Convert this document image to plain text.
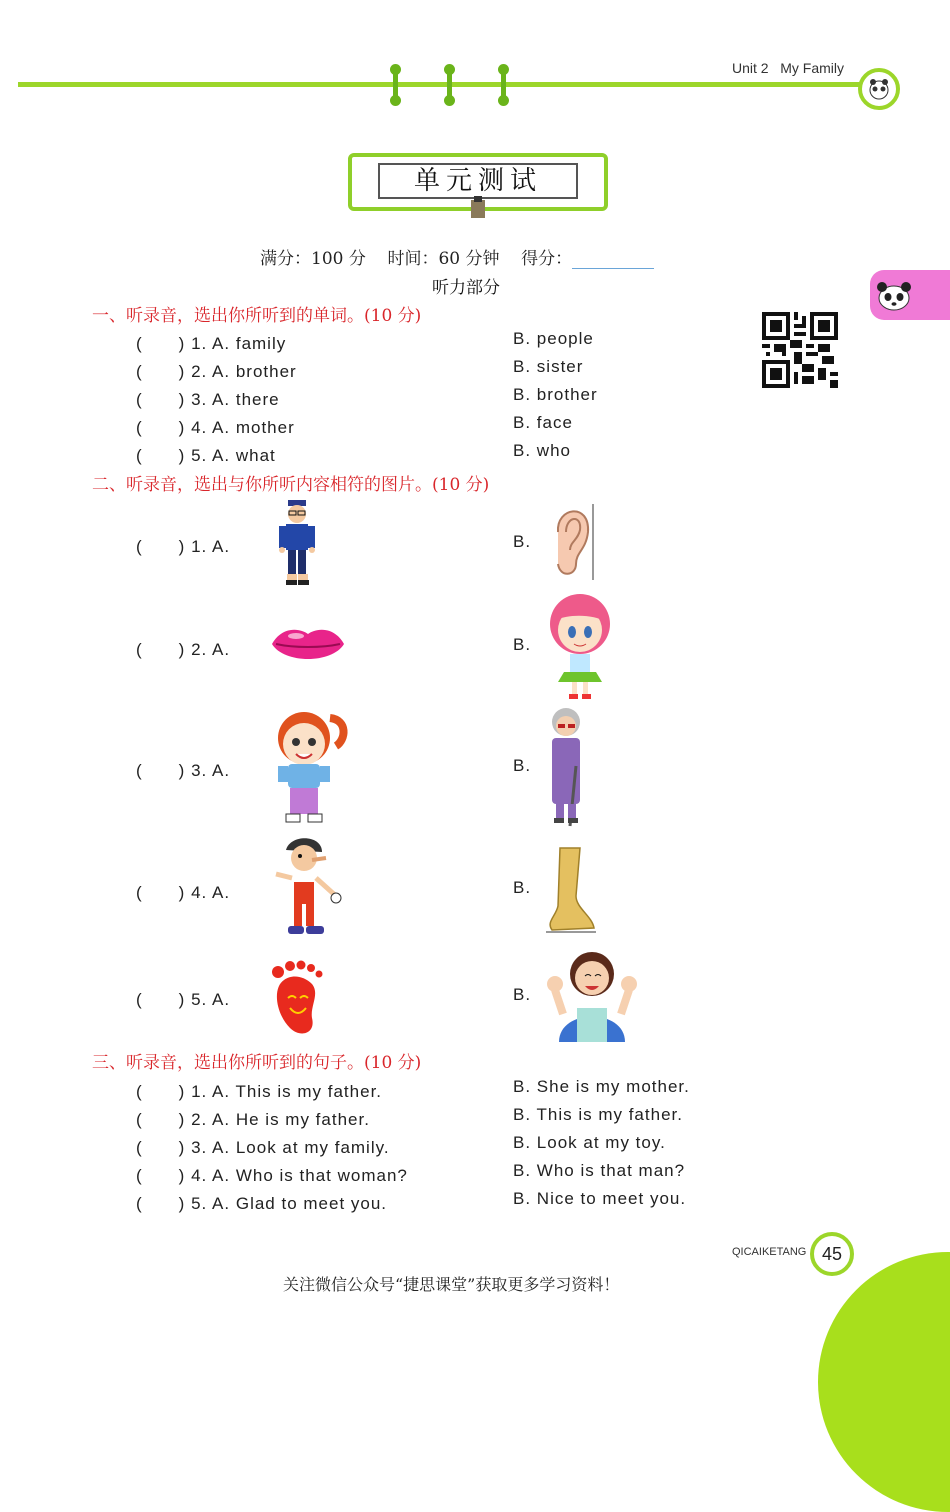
Unit 2 My Family
单元测试
满分：100 分 时间：60 分钟 得分：
听力部分
一、听录音，选出你所听到的单词。(10 分)
(　　) 1. A. family	B. people
(　　) 2. A. brother	B. sister
(　　) 3. A. there	B. brother
(　　) 4. A. mother	B. face
(　　) 5. A. what	B. who
二、听录音，选出与你所听内容相符的图片。(10 分)
(　　) 1. A.	B.
(　　) 2. A.	B.
(　　) 3. A.	B.
(　　) 4. A.	B.
(　　) 5. A.	B.
三、听录音，选出你所听到的句子。(10 分)
(　　) 1. A. This is my father.	B. She is my mother.
(　　) 2. A. He is my father.	B. This is my father.
(　　) 3. A. Look at my family.	B. Look at my toy.
(　　) 4. A. Who is that woman?	B. Who is that man?
(　　) 5. A. Glad to meet you.	B. Nice to meet you.
QICAIKETANG 45
关注微信公众号“捷思课堂”获取更多学习资料！
